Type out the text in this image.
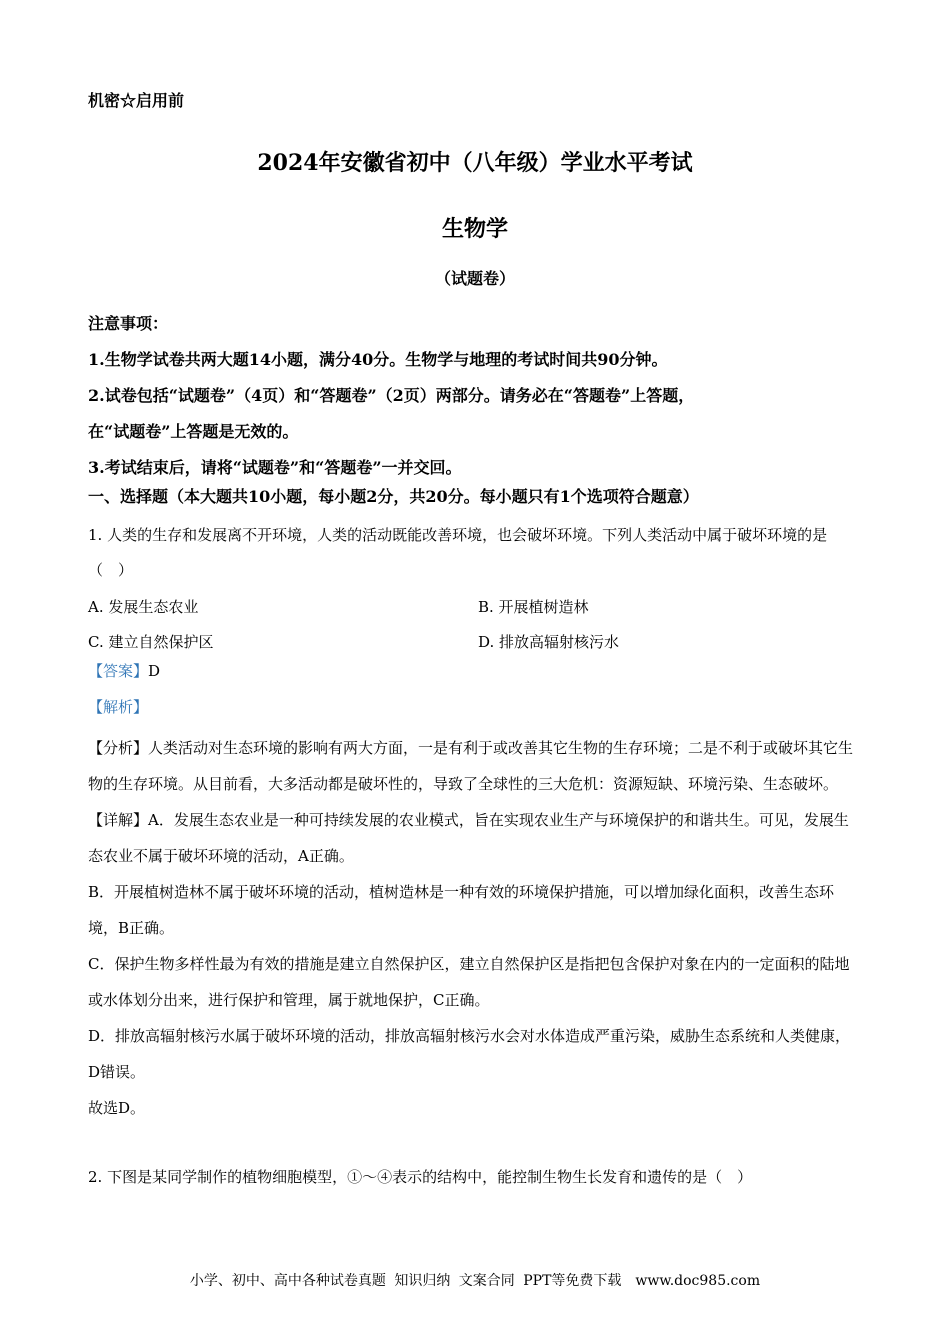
机密☆启用前
2024年安徽省初中（八年级）学业水平考试
生物学
（试题卷）
注意事项：
1.生物学试卷共两大题14小题，满分40分。生物学与地理的考试时间共90分钟。
2.试卷包括“试题卷”（4页）和“答题卷”（2页）两部分。请务必在“答题卷”上答题，
在“试题卷”上答题是无效的。
3.考试结束后，请将“试题卷”和“答题卷”一并交回。
一、选择题（本大题共10小题，每小题2分，共20分。每小题只有1个选项符合题意）
1. 人类的生存和发展离不开环境，人类的活动既能改善环境，也会破坏环境。下列人类活动中属于破坏环境的是（　）
A. 发展生态农业	B. 开展植树造林
C. 建立自然保护区	D. 排放高辐射核污水
【答案】D
【解析】

【分析】人类活动对生态环境的影响有两大方面，一是有利于或改善其它生物的生存环境；二是不利于或破坏其它生物的生存环境。从目前看，大多活动都是破坏性的，导致了全球性的三大危机：资源短缺、环境污染、生态破坏。

【详解】A．发展生态农业是一种可持续发展的农业模式，旨在实现农业生产与环境保护的和谐共生。可见，发展生态农业不属于破坏环境的活动，A正确。

B．开展植树造林不属于破坏环境的活动，植树造林是一种有效的环境保护措施，可以增加绿化面积，改善生态环境，B正确。

C．保护生物多样性最为有效的措施是建立自然保护区，建立自然保护区是指把包含保护对象在内的一定面积的陆地或水体划分出来，进行保护和管理，属于就地保护，C正确。

D．排放高辐射核污水属于破坏环境的活动，排放高辐射核污水会对水体造成严重污染，威胁生态系统和人类健康，D错误。

故选D。

2. 下图是某同学制作的植物细胞模型，①～④表示的结构中，能控制生物生长发育和遗传的是（　）
小学、初中、高中各种试卷真题 知识归纳 文案合同 PPT等免费下载　www.doc985.com
